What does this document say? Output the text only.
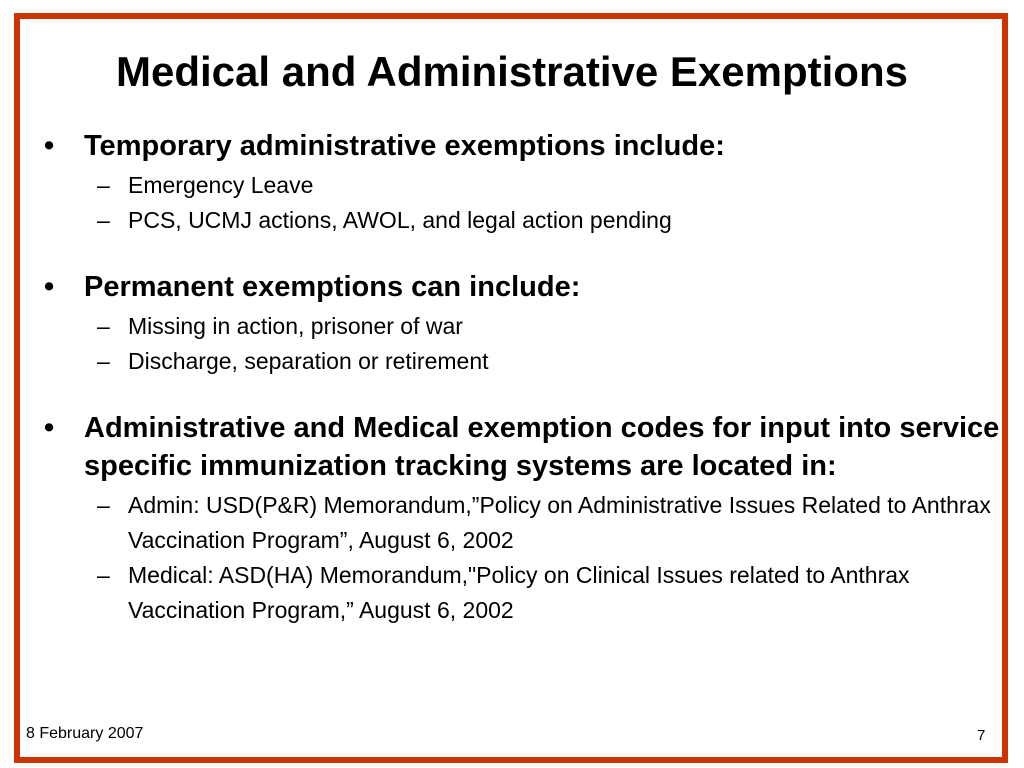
Medical and Administrative Exemptions
• Temporary administrative exemptions include:
– Emergency Leave
– PCS, UCMJ actions, AWOL, and legal action pending
• Permanent exemptions can include:
– Missing in action, prisoner of war
– Discharge, separation or retirement
• Administrative and Medical exemption codes for input into service specific immunization tracking systems are located in:
– Admin: USD(P&R) Memorandum,”Policy on Administrative Issues Related to Anthrax Vaccination Program”, August 6, 2002
– Medical: ASD(HA) Memorandum,"Policy on Clinical Issues related to Anthrax Vaccination Program,” August 6, 2002
8 February 2007	7
